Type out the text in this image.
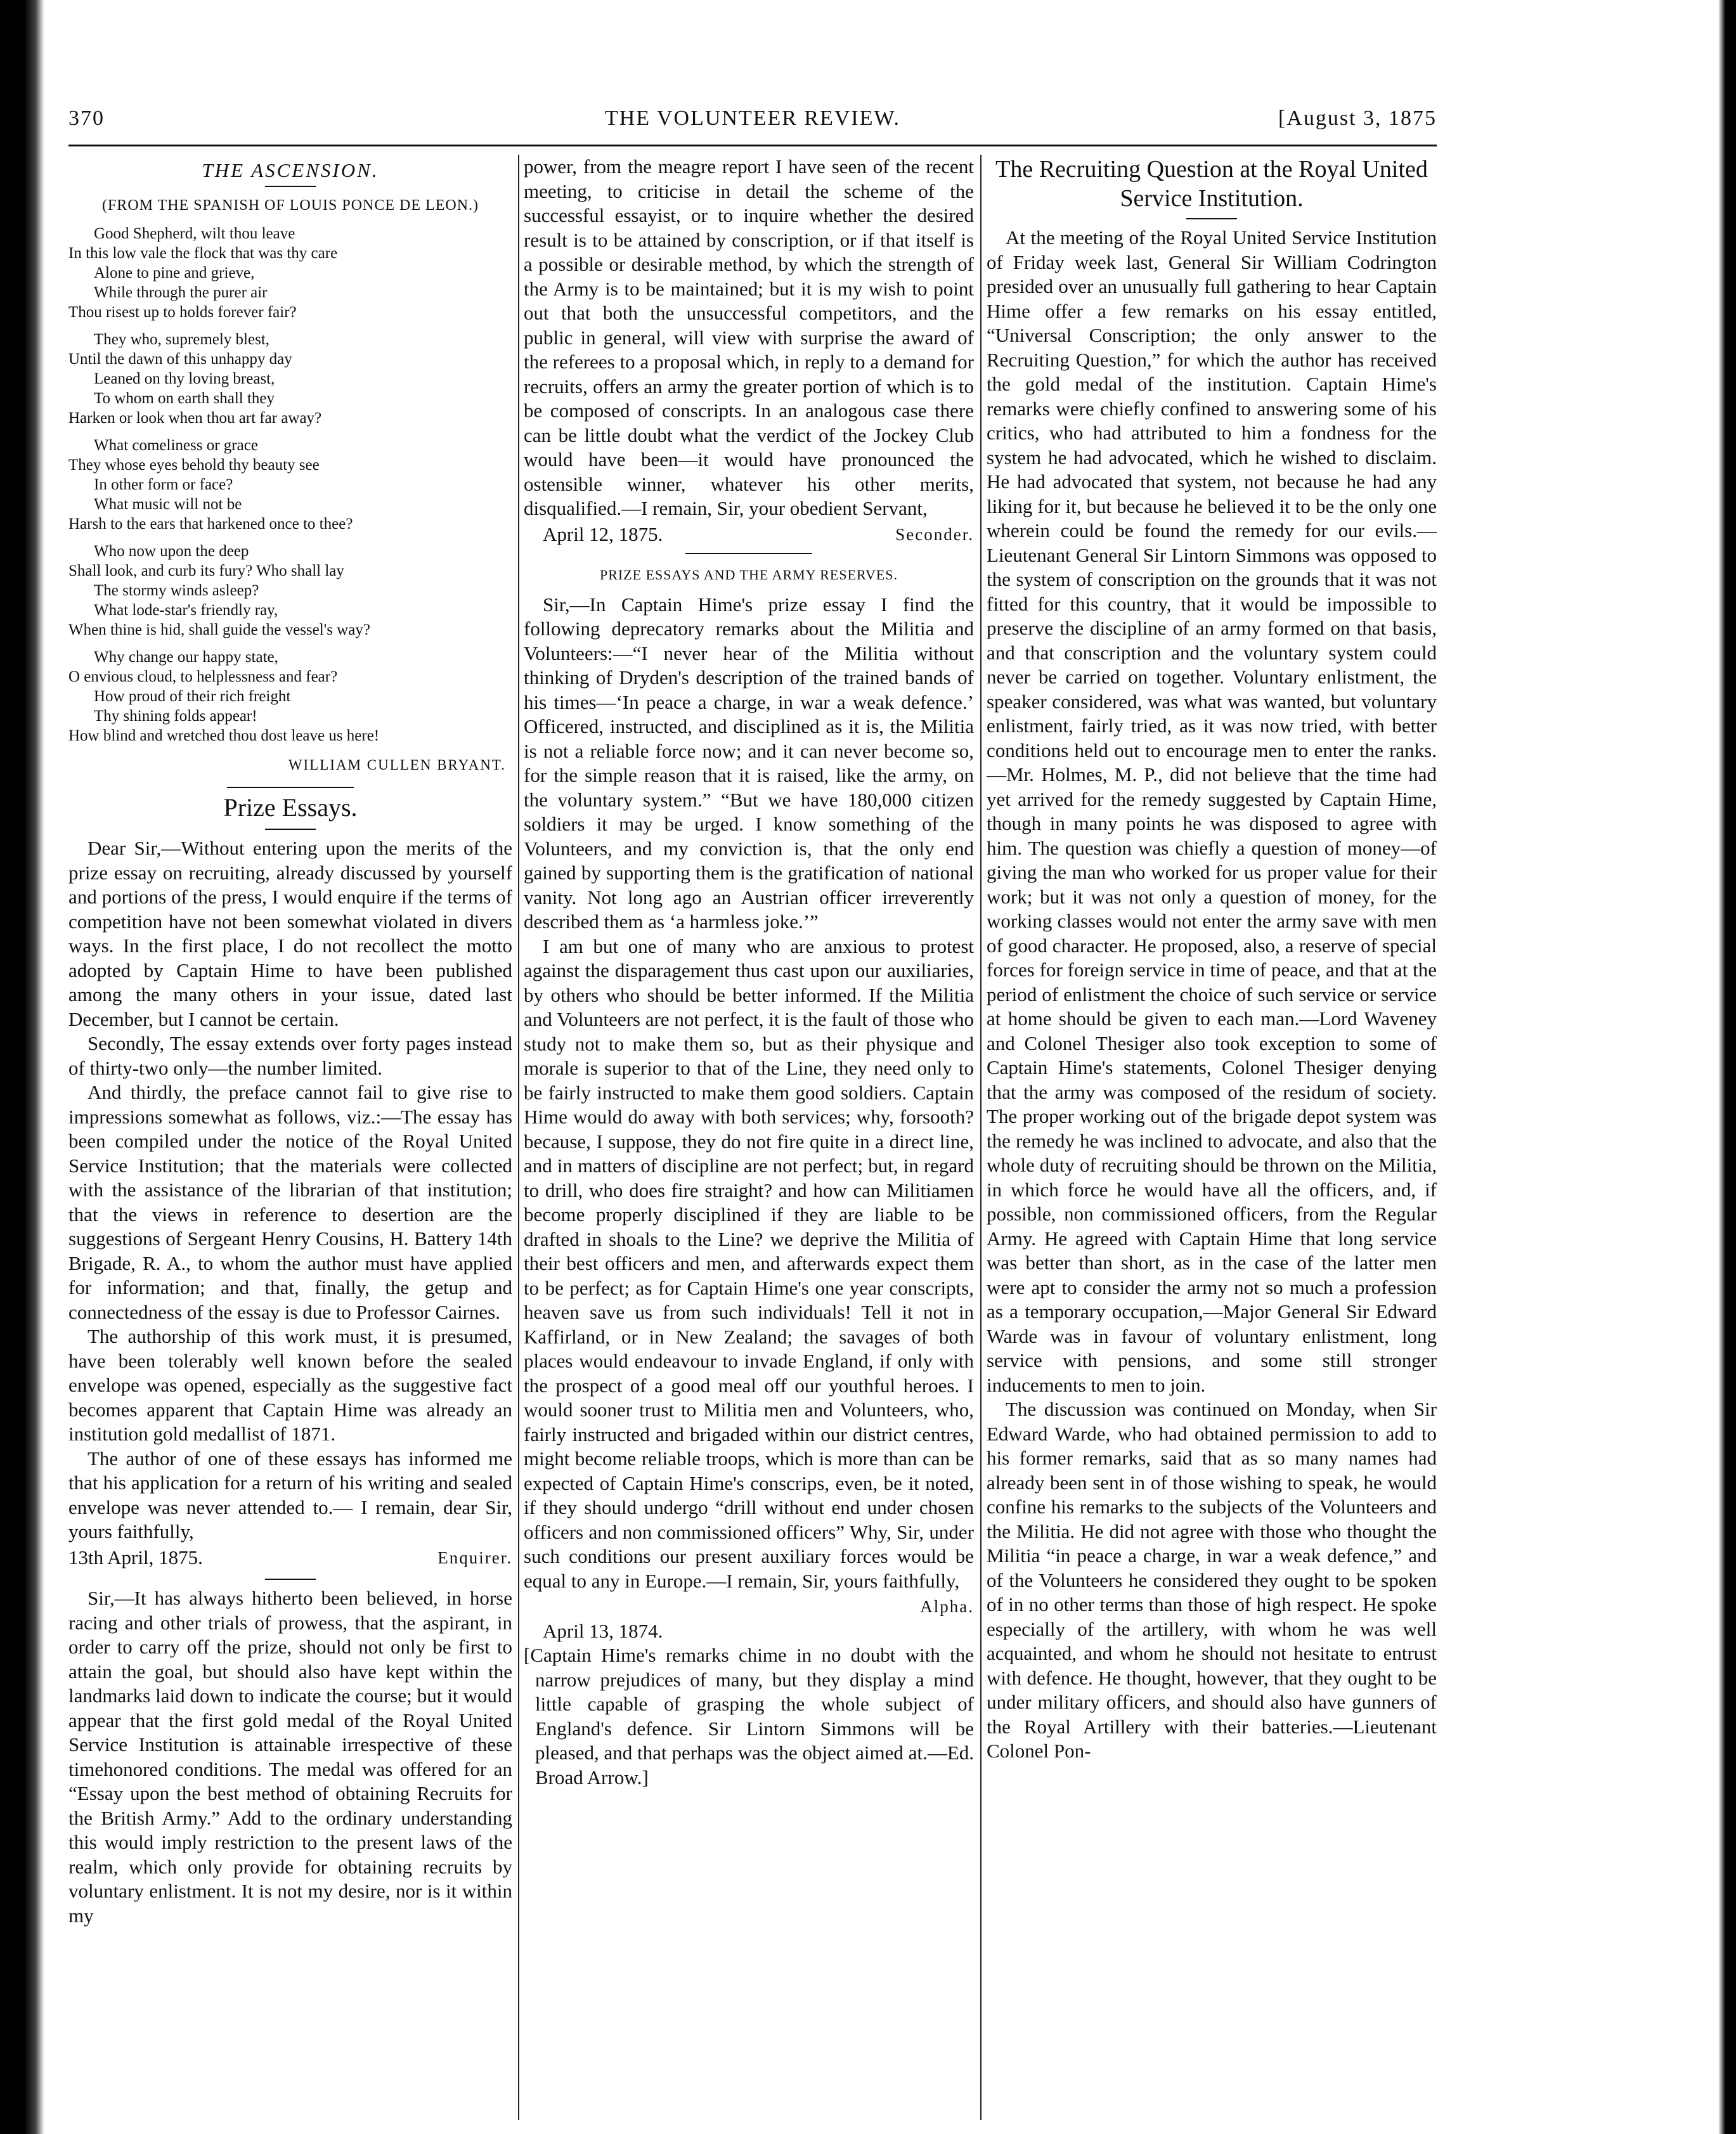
370	THE VOLUNTEER REVIEW.	[August 3, 1875
THE ASCENSION.
(FROM THE SPANISH OF LOUIS PONCE DE LEON.)
Good Shepherd, wilt thou leave
In this low vale the flock that was thy care
Alone to pine and grieve,
While through the purer air
Thou risest up to holds forever fair?
They who, supremely blest,
Until the dawn of this unhappy day
Leaned on thy loving breast,
To whom on earth shall they
Harken or look when thou art far away?
What comeliness or grace
They whose eyes behold thy beauty see
In other form or face?
What music will not be
Harsh to the ears that harkened once to thee?
Who now upon the deep
Shall look, and curb its fury? Who shall lay
The stormy winds asleep?
What lode-star's friendly ray,
When thine is hid, shall guide the vessel's way?
Why change our happy state,
O envious cloud, to helplessness and fear?
How proud of their rich freight
Thy shining folds appear!
How blind and wretched thou dost leave us here!
WILLIAM CULLEN BRYANT.
Prize Essays.

Dear Sir,—Without entering upon the merits of the prize essay on recruiting, already discussed by yourself and portions of the press, I would enquire if the terms of competition have not been somewhat violated in divers ways. In the first place, I do not recollect the motto adopted by Captain Hime to have been published among the many others in your issue, dated last December, but I cannot be certain.

Secondly, The essay extends over forty pages instead of thirty-two only—the number limited.

And thirdly, the preface cannot fail to give rise to impressions somewhat as follows, viz.:—The essay has been compiled under the notice of the Royal United Service Institution; that the materials were collected with the assistance of the librarian of that institution; that the views in reference to desertion are the suggestions of Sergeant Henry Cousins, H. Battery 14th Brigade, R. A., to whom the author must have applied for information; and that, finally, the getup and connectedness of the essay is due to Professor Cairnes.

The authorship of this work must, it is presumed, have been tolerably well known before the sealed envelope was opened, especially as the suggestive fact becomes apparent that Captain Hime was already an institution gold medallist of 1871.

The author of one of these essays has informed me that his application for a return of his writing and sealed envelope was never attended to.— I remain, dear Sir, yours faithfully,

13th April, 1875.	Enquirer.

Sir,—It has always hitherto been believed, in horse racing and other trials of prowess, that the aspirant, in order to carry off the prize, should not only be first to attain the goal, but should also have kept within the landmarks laid down to indicate the course; but it would appear that the first gold medal of the Royal United Service Institution is attainable irrespective of these timehonored conditions. The medal was offered for an “Essay upon the best method of obtaining Recruits for the British Army.” Add to the ordinary understanding this would imply restriction to the present laws of the realm, which only provide for obtaining recruits by voluntary enlistment. It is not my desire, nor is it within my

power, from the meagre report I have seen of the recent meeting, to criticise in detail the scheme of the successful essayist, or to inquire whether the desired result is to be attained by conscription, or if that itself is a possible or desirable method, by which the strength of the Army is to be maintained; but it is my wish to point out that both the unsuccessful competitors, and the public in general, will view with surprise the award of the referees to a proposal which, in reply to a demand for recruits, offers an army the greater portion of which is to be composed of conscripts. In an analogous case there can be little doubt what the verdict of the Jockey Club would have been—it would have pronounced the ostensible winner, whatever his other merits, disqualified.—I remain, Sir, your obedient Servant,

April 12, 1875.	Seconder.
PRIZE ESSAYS AND THE ARMY RESERVES.

Sir,—In Captain Hime's prize essay I find the following deprecatory remarks about the Militia and Volunteers:—“I never hear of the Militia without thinking of Dryden's description of the trained bands of his times—‘In peace a charge, in war a weak defence.’ Officered, instructed, and disciplined as it is, the Militia is not a reliable force now; and it can never become so, for the simple reason that it is raised, like the army, on the voluntary system.” “But we have 180,000 citizen soldiers it may be urged. I know something of the Volunteers, and my conviction is, that the only end gained by supporting them is the gratification of national vanity. Not long ago an Austrian officer irreverently described them as ‘a harmless joke.’”

I am but one of many who are anxious to protest against the disparagement thus cast upon our auxiliaries, by others who should be better informed. If the Militia and Volunteers are not perfect, it is the fault of those who study not to make them so, but as their physique and morale is superior to that of the Line, they need only to be fairly instructed to make them good soldiers. Captain Hime would do away with both services; why, forsooth? because, I suppose, they do not fire quite in a direct line, and in matters of discipline are not perfect; but, in regard to drill, who does fire straight? and how can Militiamen become properly disciplined if they are liable to be drafted in shoals to the Line? we deprive the Militia of their best officers and men, and afterwards expect them to be perfect; as for Captain Hime's one year conscripts, heaven save us from such individuals! Tell it not in Kaffirland, or in New Zealand; the savages of both places would endeavour to invade England, if only with the prospect of a good meal off our youthful heroes. I would sooner trust to Militia men and Volunteers, who, fairly instructed and brigaded within our district centres, might become reliable troops, which is more than can be expected of Captain Hime's conscrips, even, be it noted, if they should undergo “drill without end under chosen officers and non commissioned officers” Why, Sir, under such conditions our present auxiliary forces would be equal to any in Europe.—I remain, Sir, yours faithfully,

Alpha.

April 13, 1874.

[Captain Hime's remarks chime in no doubt with the narrow prejudices of many, but they display a mind little capable of grasping the whole subject of England's defence. Sir Lintorn Simmons will be pleased, and that perhaps was the object aimed at.—Ed. Broad Arrow.]

The Recruiting Question at the Royal United Service Institution.

At the meeting of the Royal United Service Institution of Friday week last, General Sir William Codrington presided over an unusually full gathering to hear Captain Hime offer a few remarks on his essay entitled, “Universal Conscription; the only answer to the Recruiting Question,” for which the author has received the gold medal of the institution. Captain Hime's remarks were chiefly confined to answering some of his critics, who had attributed to him a fondness for the system he had advocated, which he wished to disclaim. He had advocated that system, not because he had any liking for it, but because he believed it to be the only one wherein could be found the remedy for our evils.— Lieutenant General Sir Lintorn Simmons was opposed to the system of conscription on the grounds that it was not fitted for this country, that it would be impossible to preserve the discipline of an army formed on that basis, and that conscription and the voluntary system could never be carried on together. Voluntary enlistment, the speaker considered, was what was wanted, but voluntary enlistment, fairly tried, as it was now tried, with better conditions held out to encourage men to enter the ranks.—Mr. Holmes, M. P., did not believe that the time had yet arrived for the remedy suggested by Captain Hime, though in many points he was disposed to agree with him. The question was chiefly a question of money—of giving the man who worked for us proper value for their work; but it was not only a question of money, for the working classes would not enter the army save with men of good character. He proposed, also, a reserve of special forces for foreign service in time of peace, and that at the period of enlistment the choice of such service or service at home should be given to each man.—Lord Waveney and Colonel Thesiger also took exception to some of Captain Hime's statements, Colonel Thesiger denying that the army was composed of the residum of society. The proper working out of the brigade depot system was the remedy he was inclined to advocate, and also that the whole duty of recruiting should be thrown on the Militia, in which force he would have all the officers, and, if possible, non commissioned officers, from the Regular Army. He agreed with Captain Hime that long service was better than short, as in the case of the latter men were apt to consider the army not so much a profession as a temporary occupation,—Major General Sir Edward Warde was in favour of voluntary enlistment, long service with pensions, and some still stronger inducements to men to join.

The discussion was continued on Monday, when Sir Edward Warde, who had obtained permission to add to his former remarks, said that as so many names had already been sent in of those wishing to speak, he would confine his remarks to the subjects of the Volunteers and the Militia. He did not agree with those who thought the Militia “in peace a charge, in war a weak defence,” and of the Volunteers he considered they ought to be spoken of in no other terms than those of high respect. He spoke especially of the artillery, with whom he was well acquainted, and whom he should not hesitate to entrust with defence. He thought, however, that they ought to be under military officers, and should also have gunners of the Royal Artillery with their batteries.—Lieutenant Colonel Pon-
